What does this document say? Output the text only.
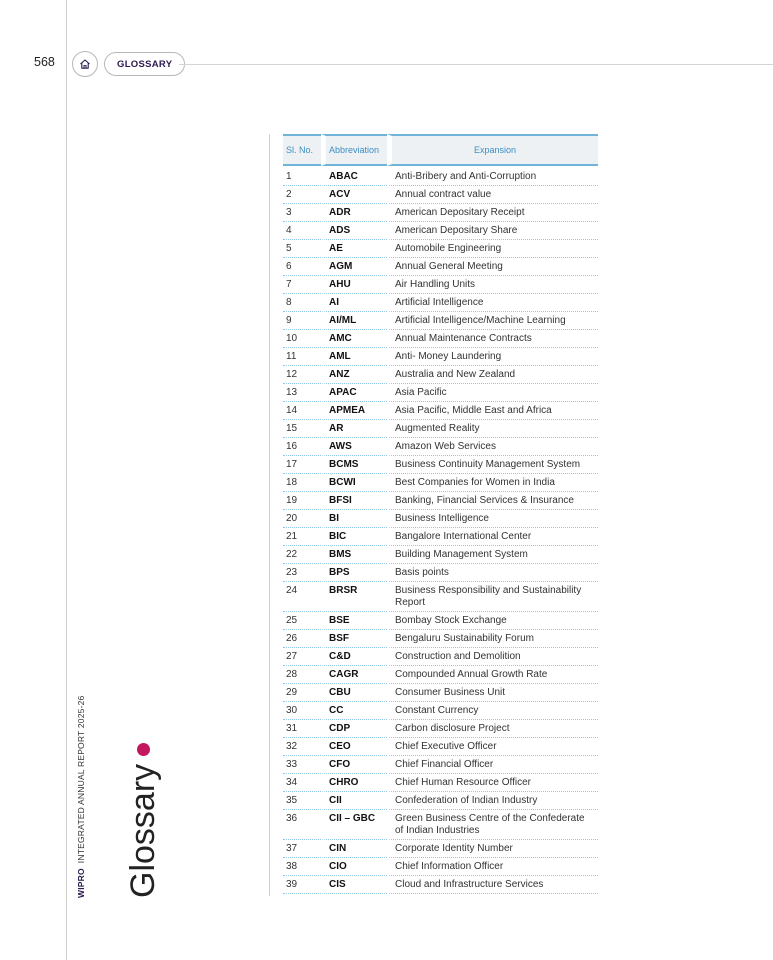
568	GLOSSARY
WIPROINTEGRATED ANNUAL REPORT 2025-26 Glossary
Sl. No.	Abbreviation	Expansion

1	ABAC	Anti-Bribery and Anti-Corruption
2	ACV	Annual contract value
3	ADR	American Depositary Receipt
4	ADS	American Depositary Share
5	AE	Automobile Engineering
6	AGM	Annual General Meeting
7	AHU	Air Handling Units
8	AI	Artificial Intelligence
9	AI/ML	Artificial Intelligence/Machine Learning
10	AMC	Annual Maintenance Contracts
11	AML	Anti- Money Laundering
12	ANZ	Australia and New Zealand
13	APAC	Asia Pacific
14	APMEA	Asia Pacific, Middle East and Africa
15	AR	Augmented Reality
16	AWS	Amazon Web Services
17	BCMS	Business Continuity Management System
18	BCWI	Best Companies for Women in India
19	BFSI	Banking, Financial Services & Insurance
20	BI	Business Intelligence
21	BIC	Bangalore International Center
22	BMS	Building Management System
23	BPS	Basis points
24	BRSR	Business Responsibility and Sustainability Report
25	BSE	Bombay Stock Exchange
26	BSF	Bengaluru Sustainability Forum
27	C&D	Construction and Demolition
28	CAGR	Compounded Annual Growth Rate
29	CBU	Consumer Business Unit
30	CC	Constant Currency
31	CDP	Carbon disclosure Project
32	CEO	Chief Executive Officer
33	CFO	Chief Financial Officer
34	CHRO	Chief Human Resource Officer
35	CII	Confederation of Indian Industry
36	CII – GBC	Green Business Centre of the Confederate of Indian Industries
37	CIN	Corporate Identity Number
38	CIO	Chief Information Officer
39	CIS	Cloud and Infrastructure Services
